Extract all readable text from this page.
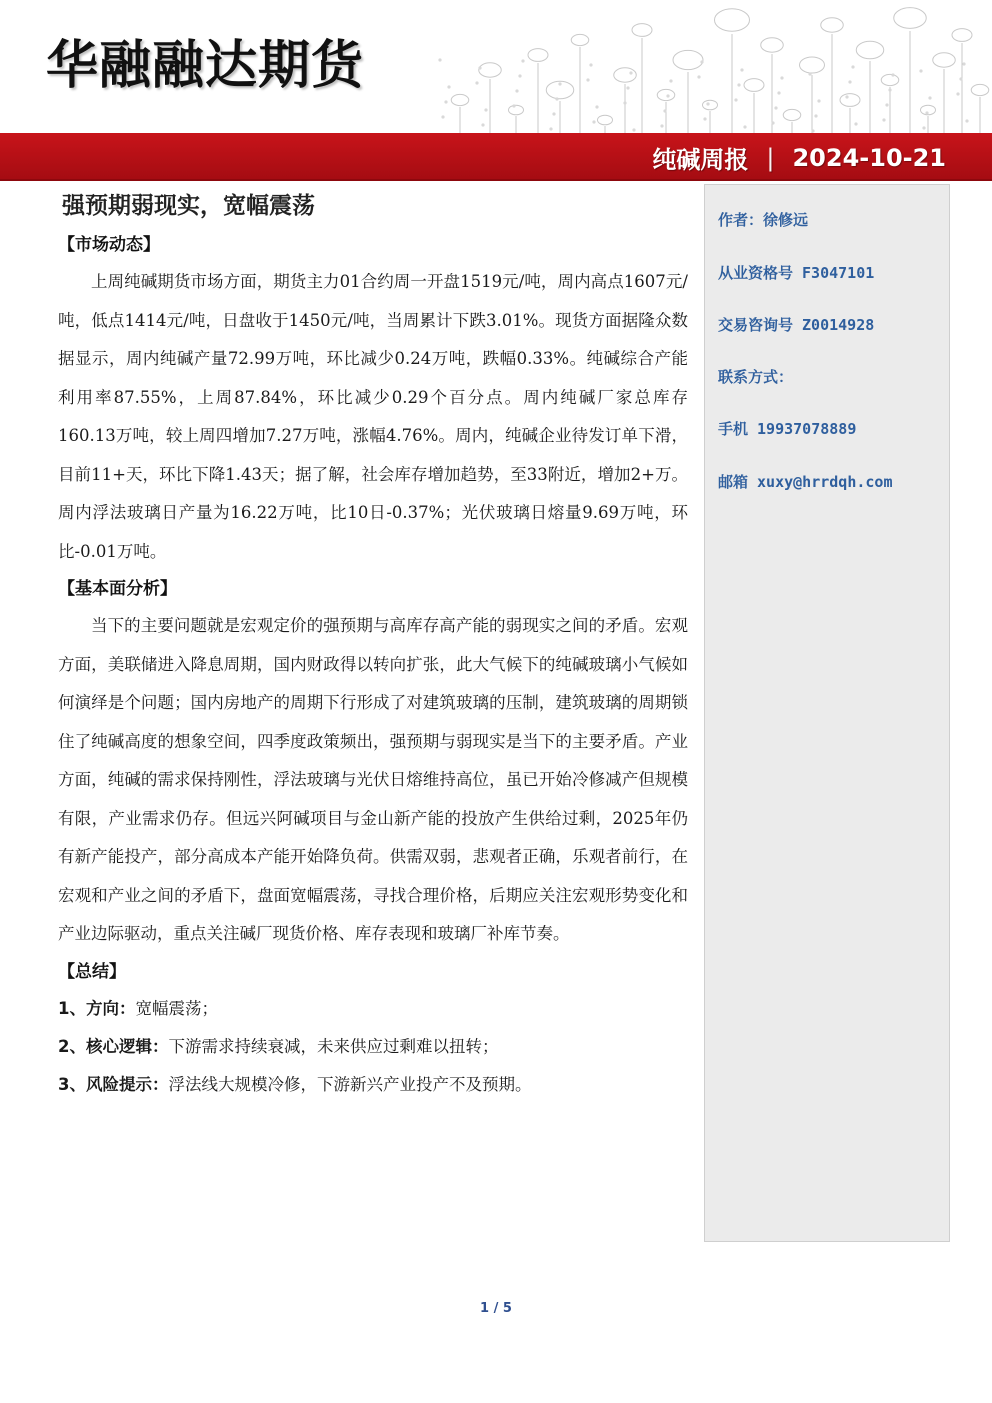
华融融达期货
纯碱周报 | 2024-10-21
强预期弱现实，宽幅震荡
【市场动态】

上周纯碱期货市场方面，期货主力01合约周一开盘1519元/吨，周内高点1607元/吨，低点1414元/吨，日盘收于1450元/吨，当周累计下跌3.01%。现货方面据隆众数据显示，周内纯碱产量72.99万吨，环比减少0.24万吨，跌幅0.33%。纯碱综合产能利用率87.55%，上周87.84%，环比减少0.29个百分点。周内纯碱厂家总库存160.13万吨，较上周四增加7.27万吨，涨幅4.76%。周内，纯碱企业待发订单下滑，目前11+天，环比下降1.43天；据了解，社会库存增加趋势，至33附近，增加2+万。周内浮法玻璃日产量为16.22万吨，比10日-0.37%；光伏玻璃日熔量9.69万吨，环比-0.01万吨。

【基本面分析】

当下的主要问题就是宏观定价的强预期与高库存高产能的弱现实之间的矛盾。宏观方面，美联储进入降息周期，国内财政得以转向扩张，此大气候下的纯碱玻璃小气候如何演绎是个问题；国内房地产的周期下行形成了对建筑玻璃的压制，建筑玻璃的周期锁住了纯碱高度的想象空间，四季度政策频出，强预期与弱现实是当下的主要矛盾。产业方面，纯碱的需求保持刚性，浮法玻璃与光伏日熔维持高位，虽已开始冷修减产但规模有限，产业需求仍存。但远兴阿碱项目与金山新产能的投放产生供给过剩，2025年仍有新产能投产，部分高成本产能开始降负荷。供需双弱，悲观者正确，乐观者前行，在宏观和产业之间的矛盾下，盘面宽幅震荡，寻找合理价格，后期应关注宏观形势变化和产业边际驱动，重点关注碱厂现货价格、库存表现和玻璃厂补库节奏。

【总结】
1、方向：宽幅震荡；
2、核心逻辑：下游需求持续衰减，未来供应过剩难以扭转；
3、风险提示：浮法线大规模冷修，下游新兴产业投产不及预期。
作者：徐修远
从业资格号 F3047101
交易咨询号 Z0014928
联系方式：
手机 19937078889
邮箱 xuxy@hrrdqh.com
1 / 5
